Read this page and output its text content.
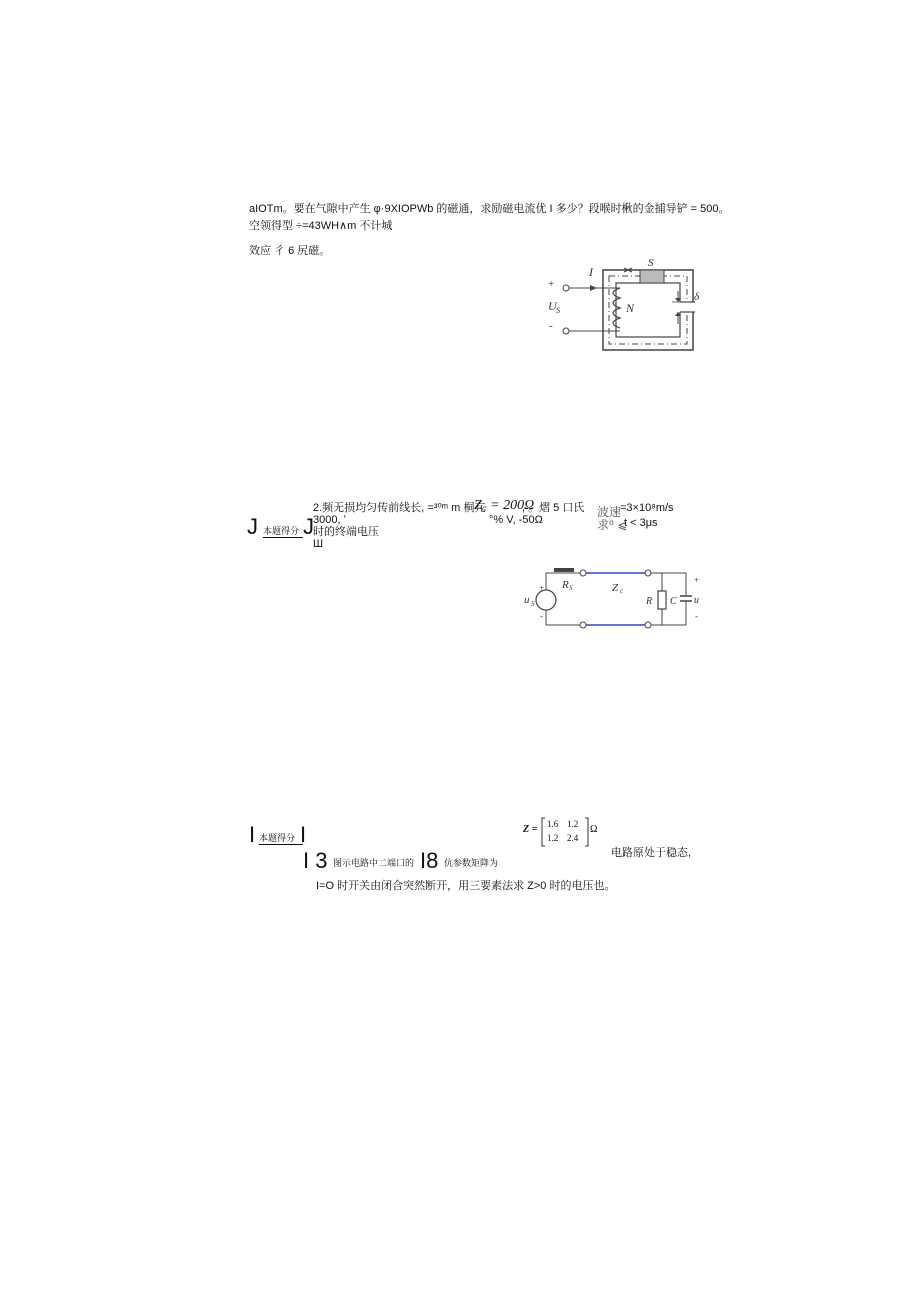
aIOTm。要在气隙中产生 φ·9XIOPWb 的磁通，求励磁电流优 I 多少？段喉时楸的金捕导铲 = 500。
空领得型 ÷=43WH∧m 不计城
效应 彳 6 尻磁。
+
-
I
U S	N
S
δ
J 本题得分 J
2.频无损均匀传前线长, =³⁰ᵐ m 桐亢
Z꜀ = 200Ω
, 。熠 5 口氏
3000, ʻ	°% V, -50Ω
时的终端电压
Ш
波速
=3×10⁸m/s
求⁰ ⩽
t < 3μs
+
-
u S
R S	Z c
R C
+
u
-
I 本题得分 I
I 3 图示电路中二端口的 I8 伉参数矩降为
Z = 1.6 1.2
1.2 2.4
Ω
电路原处于稳态,
I=O 时开关由闭合突然断开，用三要素法求 Z>0 时的电压也。
